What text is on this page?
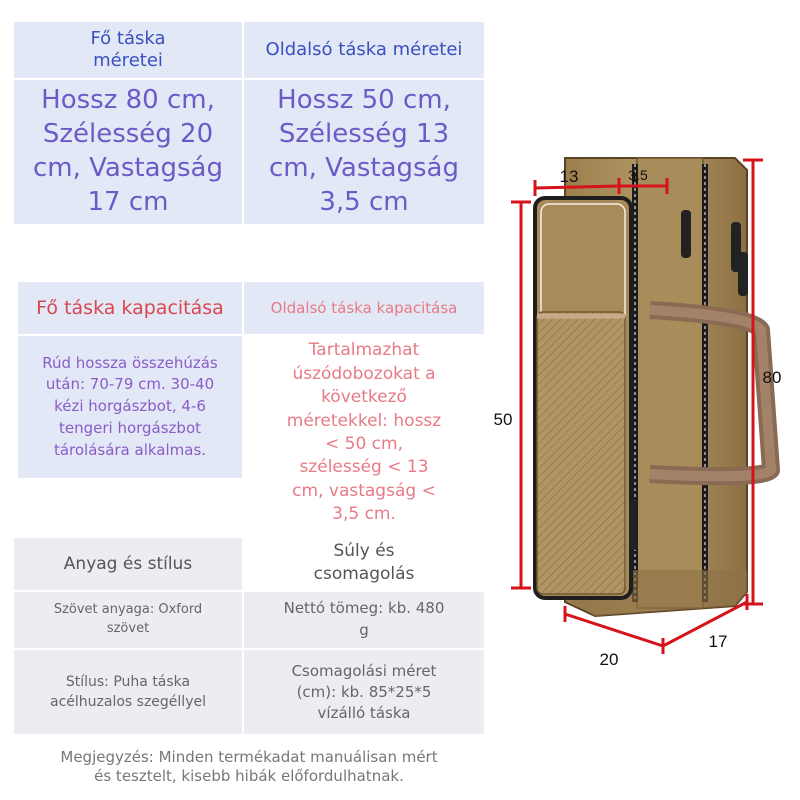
Fő táska
méretei
Oldalsó táska méretei
Hossz 80 cm,
Szélesség 20
cm, Vastagság
17 cm
Hossz 50 cm,
Szélesség 13
cm, Vastagság
3,5 cm
Fő táska kapacitása	Oldalsó táska kapacitása
Rúd hossza összehúzás
után: 70-79 cm. 30-40
kézi horgászbot, 4-6
tengeri horgászbot
tárolására alkalmas.
Tartalmazhat
úszódobozokat a
következő
méretekkel: hossz
< 50 cm,
szélesség < 13
cm, vastagság <
3,5 cm.
Anyag és stílus
Súly és
csomagolás
Szövet anyaga: Oxford
szövet
Nettó tömeg: kb. 480
g
Stílus: Puha táska
acélhuzalos szegéllyel
Csomagolási méret
(cm): kb. 85*25*5
vízálló táska
Megjegyzés: Minden termékadat manuálisan mért
és tesztelt, kisebb hibák előfordulhatnak.
13	3.5
50
80
20
17
